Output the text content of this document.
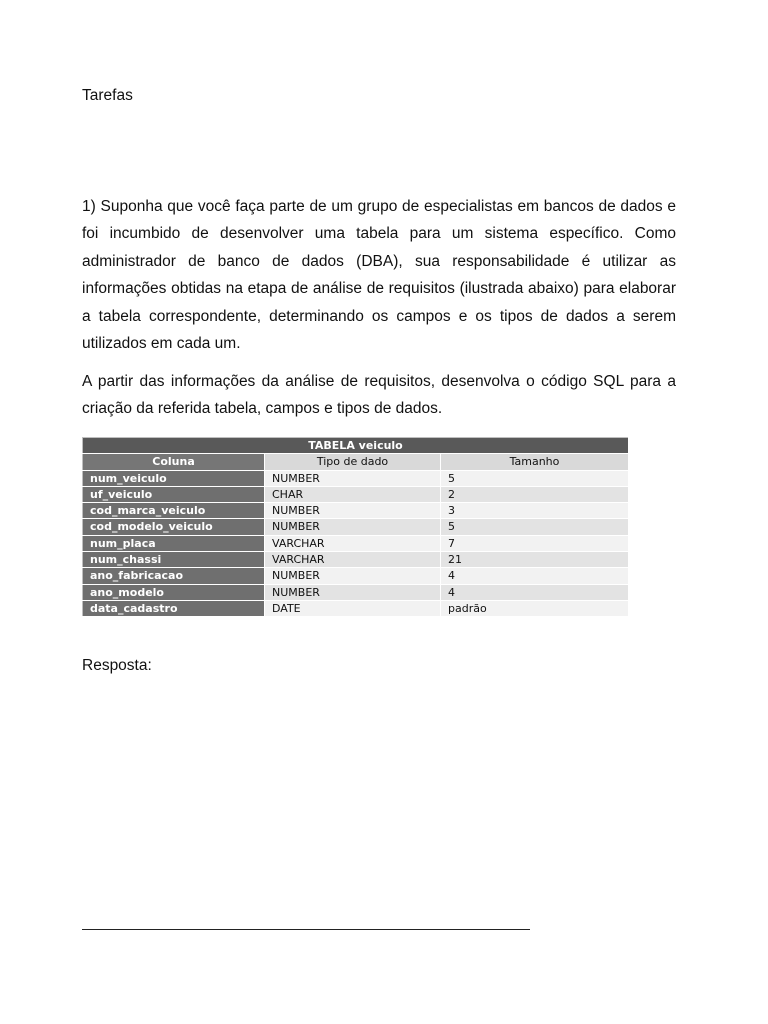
Tarefas

1) Suponha que você faça parte de um grupo de especialistas em bancos de dados e foi incumbido de desenvolver uma tabela para um sistema específico. Como administrador de banco de dados (DBA), sua responsabilidade é utilizar as informações obtidas na etapa de análise de requisitos (ilustrada abaixo) para elaborar a tabela correspondente, determinando os campos e os tipos de dados a serem utilizados em cada um.

A partir das informações da análise de requisitos, desenvolva o código SQL para a criação da referida tabela, campos e tipos de dados.

TABELA veiculo		
Coluna	Tipo de dado	Tamanho
num_veiculo	NUMBER	5
uf_veiculo	CHAR	2
cod_marca_veiculo	NUMBER	3
cod_modelo_veiculo	NUMBER	5
num_placa	VARCHAR	7
num_chassi	VARCHAR	21
ano_fabricacao	NUMBER	4
ano_modelo	NUMBER	4
data_cadastro	DATE	padrão

Resposta:
